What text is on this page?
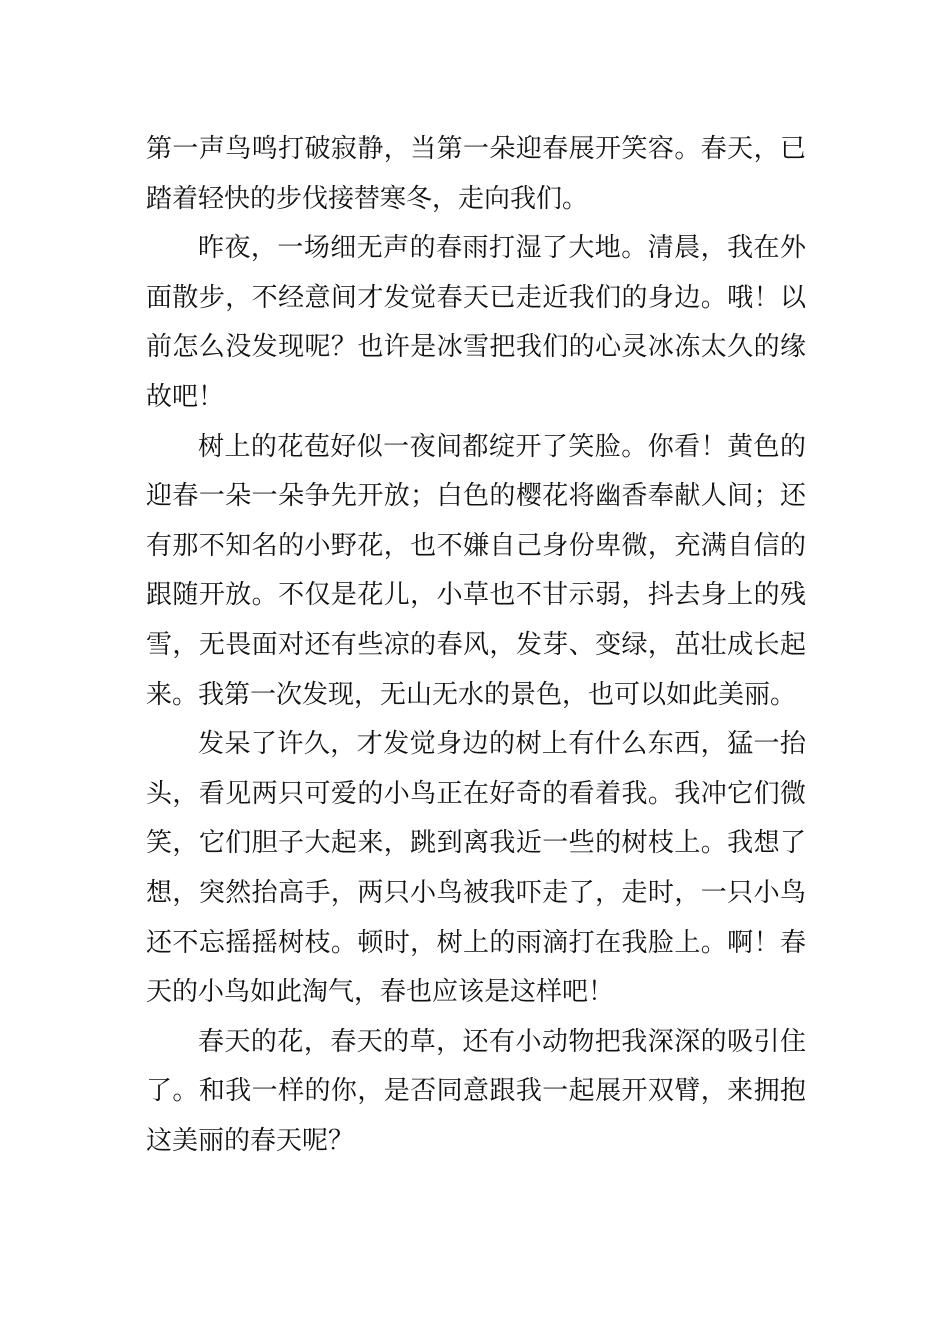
第一声鸟鸣打破寂静，当第一朵迎春展开笑容。春天，已踏着轻快的步伐接替寒冬，走向我们。

昨夜，一场细无声的春雨打湿了大地。清晨，我在外面散步，不经意间才发觉春天已走近我们的身边。哦！以前怎么没发现呢？也许是冰雪把我们的心灵冰冻太久的缘故吧！

树上的花苞好似一夜间都绽开了笑脸。你看！黄色的迎春一朵一朵争先开放；白色的樱花将幽香奉献人间；还有那不知名的小野花，也不嫌自己身份卑微，充满自信的跟随开放。不仅是花儿，小草也不甘示弱，抖去身上的残雪，无畏面对还有些凉的春风，发芽、变绿，茁壮成长起来。我第一次发现，无山无水的景色，也可以如此美丽。

发呆了许久，才发觉身边的树上有什么东西，猛一抬头，看见两只可爱的小鸟正在好奇的看着我。我冲它们微笑，它们胆子大起来，跳到离我近一些的树枝上。我想了想，突然抬高手，两只小鸟被我吓走了，走时，一只小鸟还不忘摇摇树枝。顿时，树上的雨滴打在我脸上。啊！春天的小鸟如此淘气，春也应该是这样吧！

春天的花，春天的草，还有小动物把我深深的吸引住了。和我一样的你，是否同意跟我一起展开双臂，来拥抱这美丽的春天呢？
